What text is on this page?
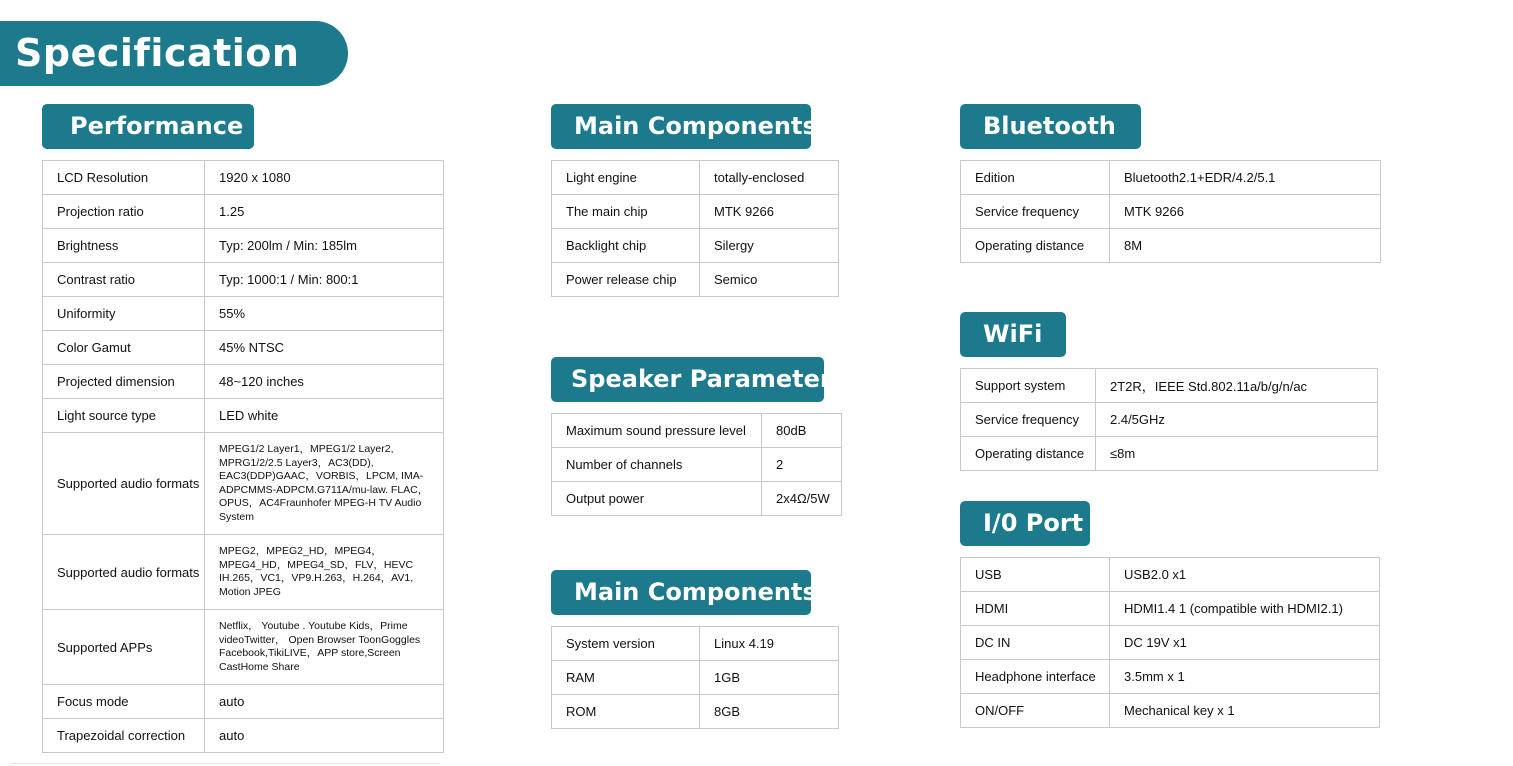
Specification
Performance
LCD Resolution	1920 x 1080
Projection ratio	1.25
Brightness	Typ: 200lm / Min: 185lm
Contrast ratio	Typ: 1000:1 / Min: 800:1
Uniformity	55%
Color Gamut	45% NTSC
Projected dimension	48~120 inches
Light source type	LED white
Supported audio formats	MPEG1/2 Layer1，MPEG1/2 Layer2, MPRG1/2/2.5 Layer3，AC3(DD), EAC3(DDP)GAAC，VORBIS，LPCM, IMA-ADPCMMS-ADPCM.G711A/mu-law. FLAC，OPUS，AC4Fraunhofer MPEG-H TV Audio System
Supported audio formats	MPEG2，MPEG2_HD，MPEG4， MPEG4_HD，MPEG4_SD，FLV，HEVC IH.265，VC1，VP9.H.263，H.264，AV1, Motion JPEG
Supported APPs	Netflix， Youtube . Youtube Kids，Prime videoTwitter， Open Browser ToonGoggles Facebook,TikiLIVE，APP store,Screen CastHome Share
Focus mode	auto
Trapezoidal correction	auto
Main Components
Light engine	totally-enclosed
The main chip	MTK 9266
Backlight chip	Silergy
Power release chip	Semico
Speaker Parameters
Maximum sound pressure level	80dB
Number of channels	2
Output power	2x4Ω/5W
Main Components
System version	Linux 4.19
RAM	1GB
ROM	8GB
Bluetooth
Edition	Bluetooth2.1+EDR/4.2/5.1
Service frequency	MTK 9266
Operating distance	8M
WiFi
Support system	2T2R，IEEE Std.802.11a/b/g/n/ac
Service frequency	2.4/5GHz
Operating distance	≤8m
I/0 Port
USB	USB2.0 x1
HDMI	HDMI1.4 1 (compatible with HDMI2.1)
DC IN	DC 19V x1
Headphone interface	3.5mm x 1
ON/OFF	Mechanical key x 1
